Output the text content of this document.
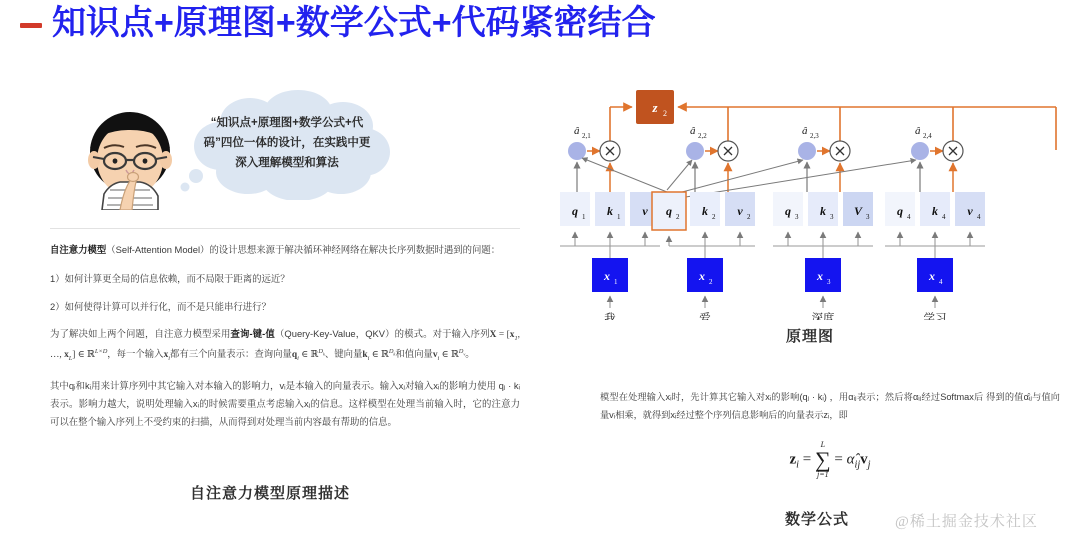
知识点+原理图+数学公式+代码紧密结合
“知识点+原理图+数学公式+代码”四位一体的设计，在实践中更深入理解模型和算法

自注意力模型（Self-Attention Model）的设计思想来源于解决循环神经网络在解决长序列数据时遇到的问题：

1）如何计算更全局的信息依赖，而不局限于距离的远近？

2）如何使得计算可以并行化，而不是只能串行进行？

为了解决如上两个问题，自注意力模型采用查询-键-值（Query-Key-Value，QKV）的模式。对于输入序列$X = [x_1$, …, $x_L$] ∈ ℝ$^{L\times D}$，每一个输入$x_i$都有三个向量表示：查询向量$q_i$ ∈ ℝ$^{D_k}$、键向量$k_i$ ∈ ℝ$^{D_k}$和值向量$v_i$ ∈ ℝ$^{D_v}$。

其中qᵢ和kᵢ用来计算序列中其它输入对本输入的影响力，vᵢ是本输入的向量表示。输入xⱼ对输入xᵢ的影响力使用 qⱼ · kᵢ 表示。影响力越大，说明处理输入xᵢ的时候需要重点考虑输入xⱼ的信息。这样模型在处理当前输入时，它的注意力可以在整个输入序列上不受约束的扫描，从而得到对处理当前内容最有帮助的信息。

自注意力模型原理描述
z 2
â 2,1	â 2,2	â 2,3	â 2,4
q 1 k 1 v q 2 k 2 v 2	q 3 k 3 V 3 q 4 k 4 v 4
x 1	x 2	x 3	x 4
我	爱	深度	学习
原理图

模型在处理输入xᵢ时，先计算其它输入对xᵢ的影响(qⱼ · kᵢ) ，用αᵢⱼ表示；然后将αᵢⱼ经过Softmax后 得到的值α̂ᵢⱼ与值向量vᵢ相乘，就得到xᵢ经过整个序列信息影响后的向量表示zᵢ，即

$z_i$ =
L
∑
j=1
= $\alphâ_{ij}v_j$
数学公式	@稀土掘金技术社区
